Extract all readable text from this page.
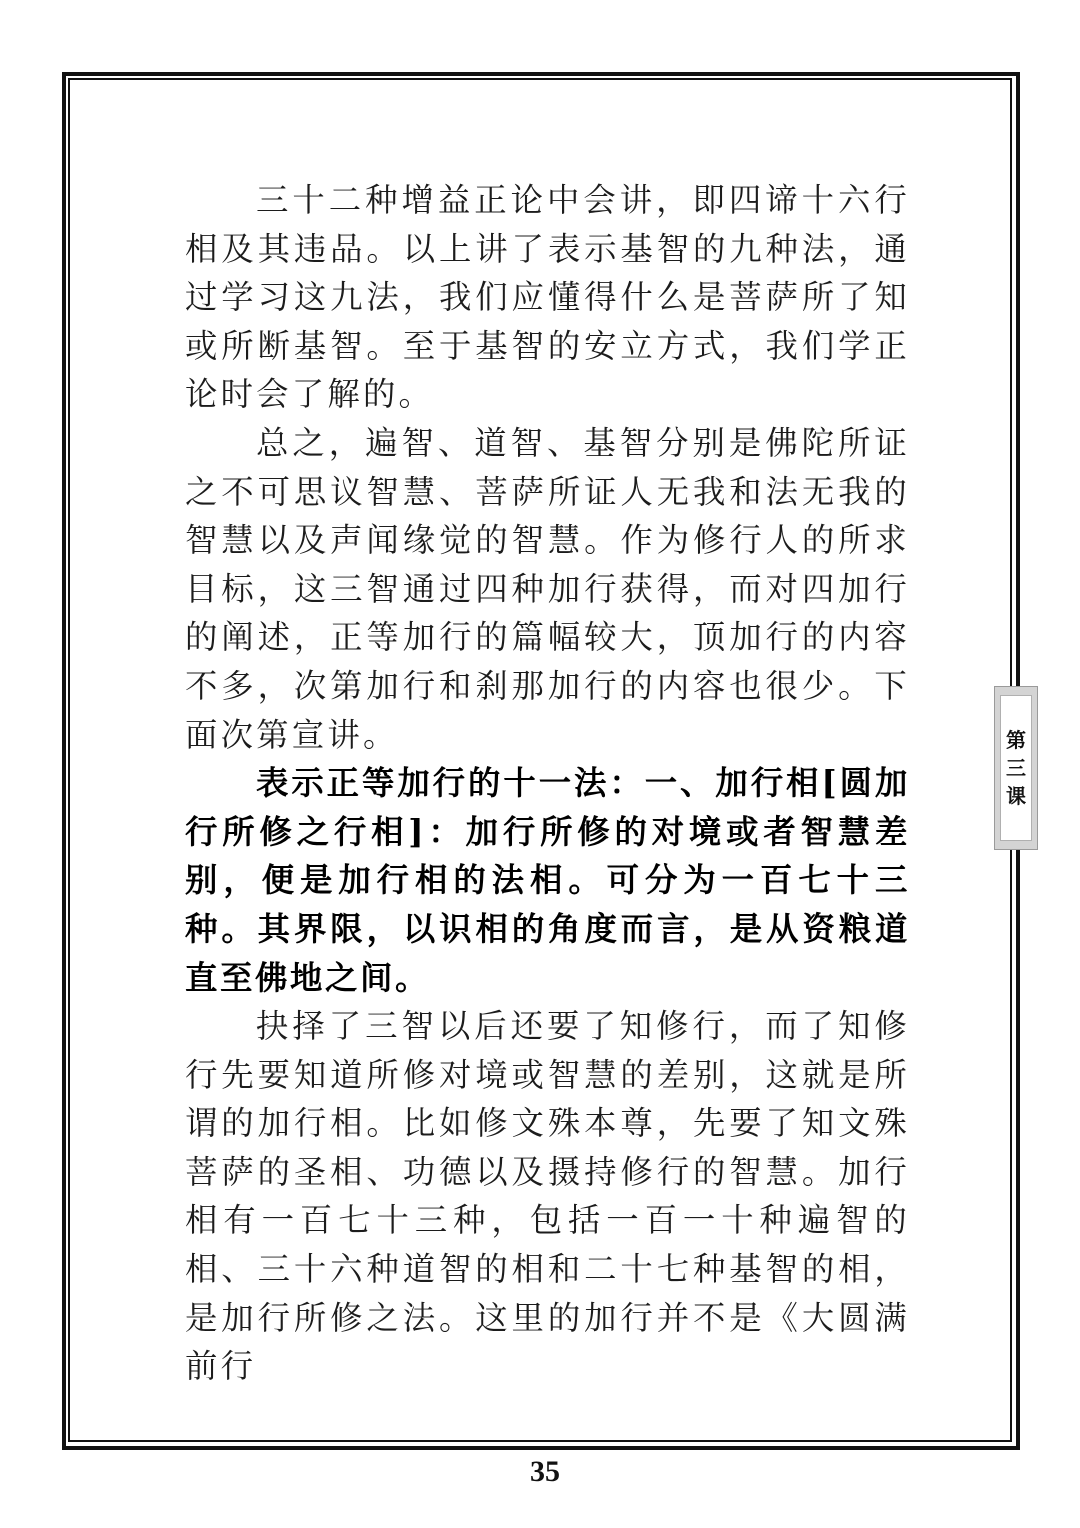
三十二种增益正论中会讲，即四谛十六行相及其违品。以上讲了表示基智的九种法，通过学习这九法，我们应懂得什么是菩萨所了知或所断基智。至于基智的安立方式，我们学正论时会了解的。

总之，遍智、道智、基智分别是佛陀所证之不可思议智慧、菩萨所证人无我和法无我的智慧以及声闻缘觉的智慧。作为修行人的所求目标，这三智通过四种加行获得，而对四加行的阐述，正等加行的篇幅较大，顶加行的内容不多，次第加行和刹那加行的内容也很少。下面次第宣讲。

表示正等加行的十一法：一、加行相[圆加行所修之行相]：加行所修的对境或者智慧差别，便是加行相的法相。可分为一百七十三种。其界限，以识相的角度而言，是从资粮道直至佛地之间。

抉择了三智以后还要了知修行，而了知修行先要知道所修对境或智慧的差别，这就是所谓的加行相。比如修文殊本尊，先要了知文殊菩萨的圣相、功德以及摄持修行的智慧。加行相有一百七十三种，包括一百一十种遍智的相、三十六种道智的相和二十七种基智的相，是加行所修之法。这里的加行并不是《大圆满前行

第三课
35
